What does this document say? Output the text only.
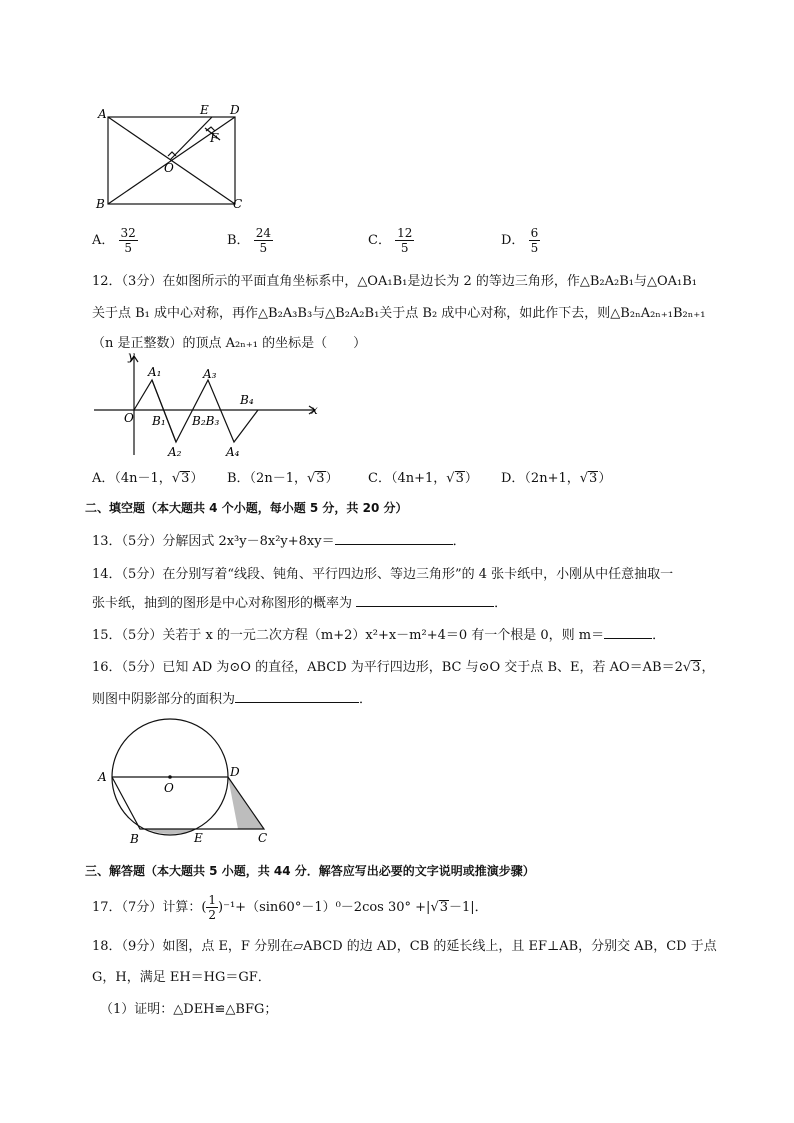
A	E D
F
O
B	C
A． $\frac{32}{5}$	B． $\frac{24}{5}$	C． $\frac{12}{5}$	D． $\frac{6}{5}$
12．（3分）在如图所示的平面直角坐标系中，△OA₁B₁是边长为 2 的等边三角形，作△B₂A₂B₁与△OA₁B₁
关于点 B₁ 成中心对称，再作△B₂A₃B₃与△B₂A₂B₁关于点 B₂ 成中心对称，如此作下去，则△B₂ₙA₂ₙ₊₁B₂ₙ₊₁
（n 是正整数）的顶点 A₂ₙ₊₁ 的坐标是（　　）
y
x
O
A₁	A₃
B₁ B₂B₃
B₄
A₂	A₄
A．（4n－1，√3） B．（2n－1，√3） C．（4n+1，√3） D．（2n+1，√3）
二、填空题（本大题共 4 个小题，每小题 5 分，共 20 分）
13．（5分）分解因式 2x³y－8x²y+8xy＝	．
14．（5分）在分别写着“线段、钝角、平行四边形、等边三角形”的 4 张卡纸中，小刚从中任意抽取一
张卡纸，抽到的图形是中心对称图形的概率为	．
15．（5分）关若于 x 的一元二次方程（m+2）x²+x－m²+4＝0 有一个根是 0，则 m＝	．
16．（5分）已知 AD 为⊙O 的直径，ABCD 为平行四边形，BC 与⊙O 交于点 B、E，若 AO＝AB＝2√3，
则图中阴影部分的面积为	．
A
O
D
B	E	C
三、解答题（本大题共 5 小题，共 44 分．解答应写出必要的文字说明或推演步骤）
17．（7分）计算：( $\frac{1}{2} )^{-1}+(\sin 60^\circ-1)^0-2\cos$ 30° +|√3－1|．
18．（9分）如图，点 E，F 分别在▱ABCD 的边 AD，CB 的延长线上，且 EF⊥AB，分别交 AB，CD 于点
G，H，满足 EH＝HG＝GF．
（1）证明：△DEH≌△BFG；
